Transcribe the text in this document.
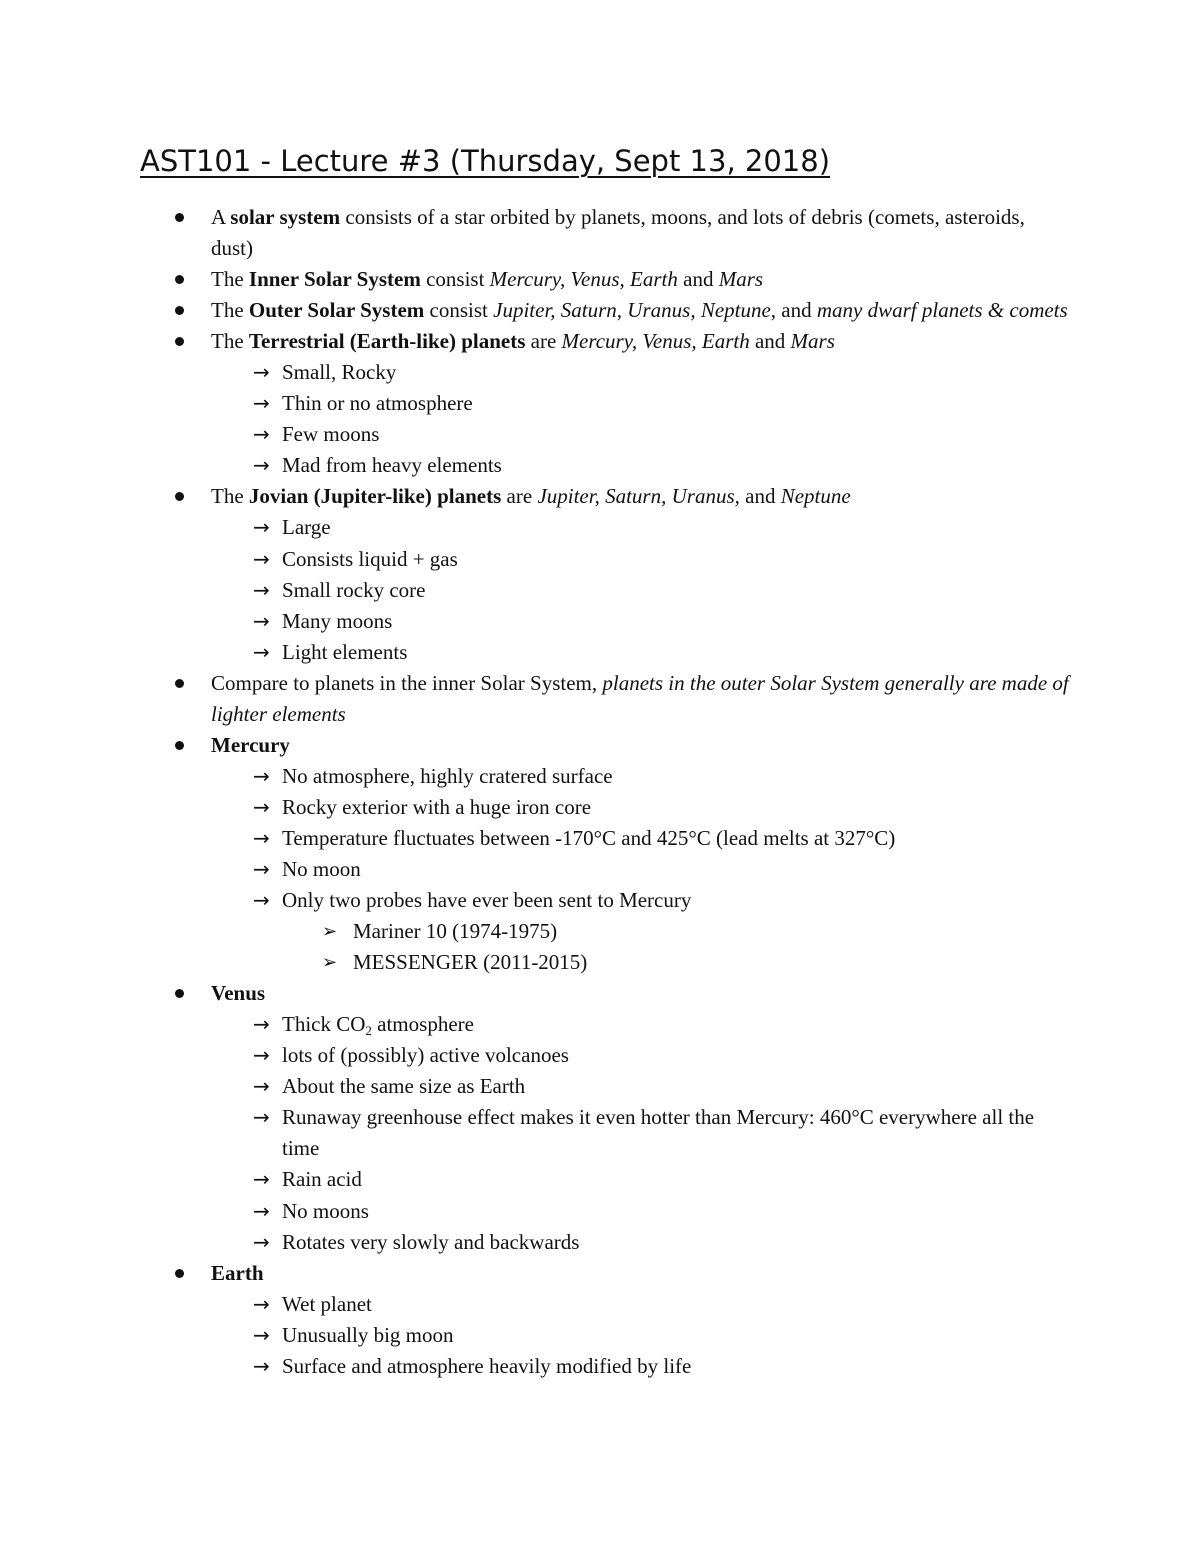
AST101 - Lecture #3 (Thursday, Sept 13, 2018)
A solar system consists of a star orbited by planets, moons, and lots of debris (comets, asteroids, dust)
The Inner Solar System consist Mercury, Venus, Earth and Mars
The Outer Solar System consist Jupiter, Saturn, Uranus, Neptune, and many dwarf planets & comets
The Terrestrial (Earth-like) planets are Mercury, Venus, Earth and Mars
→ Small, Rocky
→ Thin or no atmosphere
→ Few moons
→ Mad from heavy elements
The Jovian (Jupiter-like) planets are Jupiter, Saturn, Uranus, and Neptune
→ Large
→ Consists liquid + gas
→ Small rocky core
→ Many moons
→ Light elements
Compare to planets in the inner Solar System, planets in the outer Solar System generally are made of lighter elements
Mercury
→ No atmosphere, highly cratered surface
→ Rocky exterior with a huge iron core
→ Temperature fluctuates between -170°C and 425°C (lead melts at 327°C)
→ No moon
→ Only two probes have ever been sent to Mercury
➢ Mariner 10 (1974-1975)
➢ MESSENGER (2011-2015)
Venus
→ Thick $CO_2$ atmosphere
→ lots of (possibly) active volcanoes
→ About the same size as Earth
→ Runaway greenhouse effect makes it even hotter than Mercury: 460°C everywhere all the time
→ Rain acid
→ No moons
→ Rotates very slowly and backwards
Earth
→ Wet planet
→ Unusually big moon
→ Surface and atmosphere heavily modified by life
